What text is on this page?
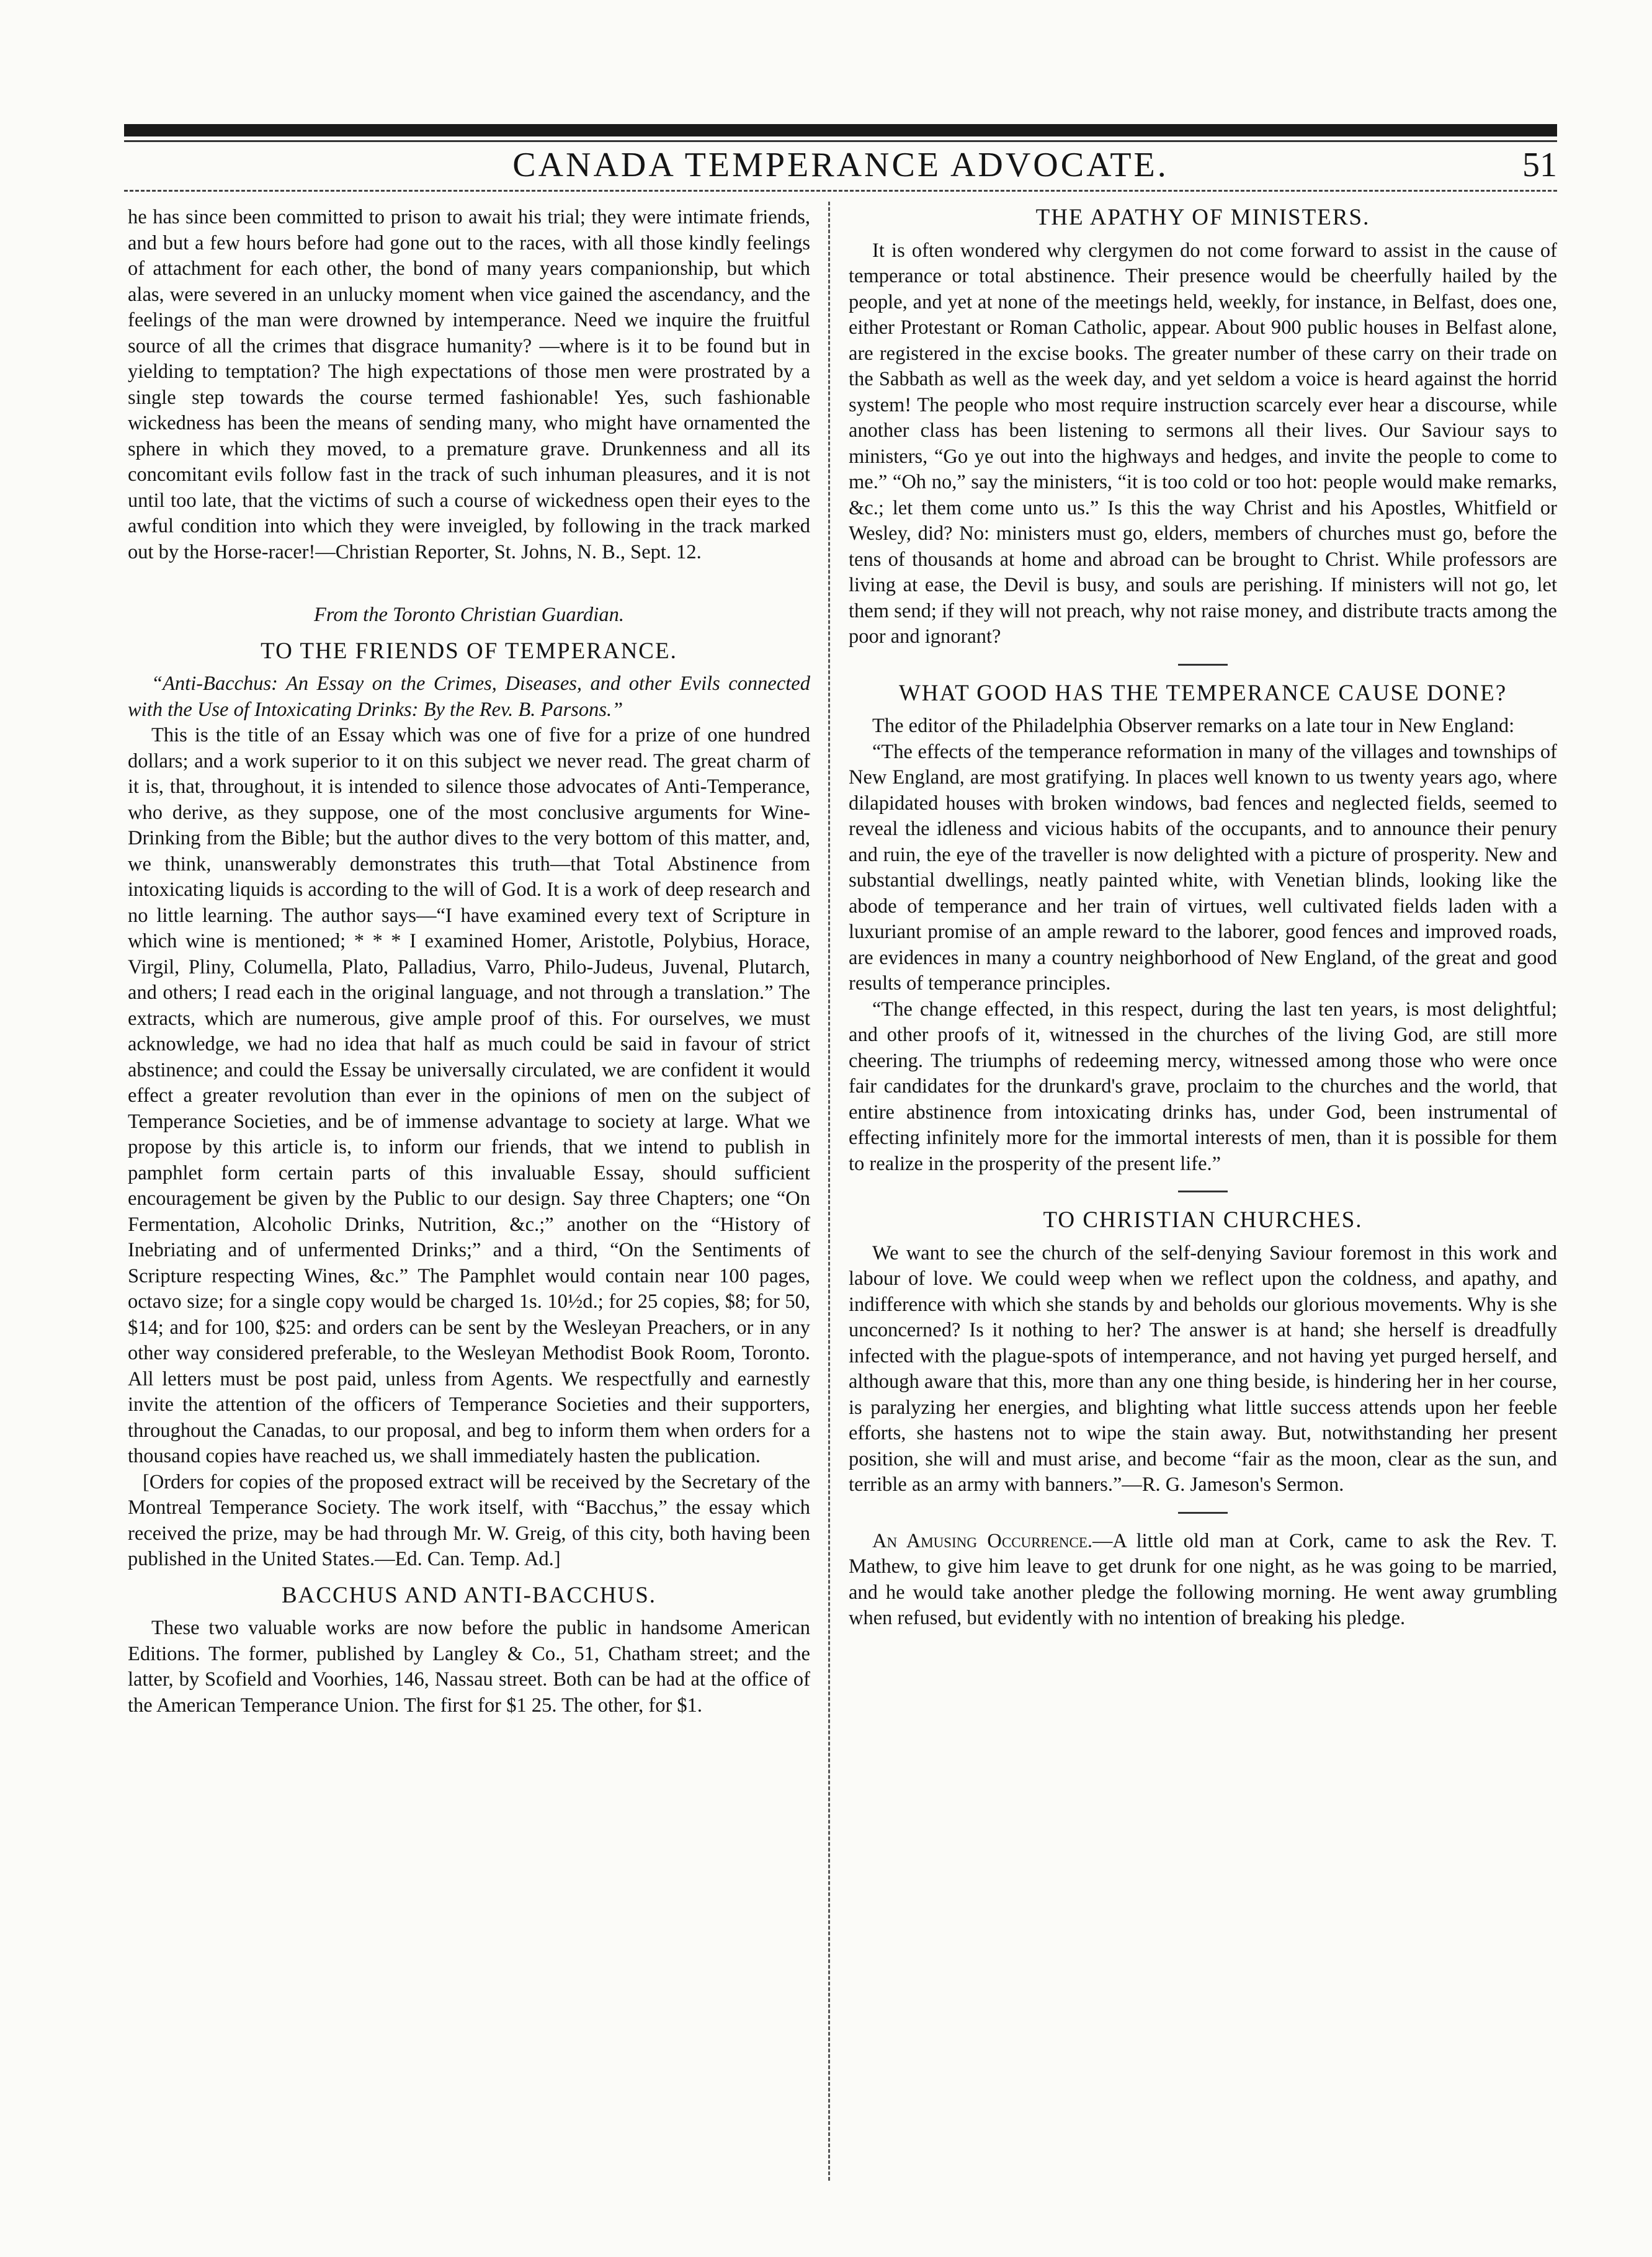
CANADA TEMPERANCE ADVOCATE.	51

he has since been committed to prison to await his trial; they were intimate friends, and but a few hours before had gone out to the races, with all those kindly feelings of attachment for each other, the bond of many years companionship, but which alas, were severed in an unlucky moment when vice gained the ascendancy, and the feelings of the man were drowned by intemperance. Need we inquire the fruitful source of all the crimes that disgrace humanity? —where is it to be found but in yielding to temptation? The high expectations of those men were prostrated by a single step towards the course termed fashionable! Yes, such fashionable wickedness has been the means of sending many, who might have ornamented the sphere in which they moved, to a premature grave. Drunkenness and all its concomitant evils follow fast in the track of such inhuman pleasures, and it is not until too late, that the victims of such a course of wickedness open their eyes to the awful condition into which they were inveigled, by following in the track marked out by the Horse-racer!—Christian Reporter, St. Johns, N. B., Sept. 12.

From the Toronto Christian Guardian.

TO THE FRIENDS OF TEMPERANCE.

“Anti-Bacchus: An Essay on the Crimes, Diseases, and other Evils connected with the Use of Intoxicating Drinks: By the Rev. B. Parsons.”

This is the title of an Essay which was one of five for a prize of one hundred dollars; and a work superior to it on this subject we never read. The great charm of it is, that, throughout, it is intended to silence those advocates of Anti-Temperance, who derive, as they suppose, one of the most conclusive arguments for Wine-Drinking from the Bible; but the author dives to the very bottom of this matter, and, we think, unanswerably demonstrates this truth—that Total Abstinence from intoxicating liquids is according to the will of God. It is a work of deep research and no little learning. The author says—“I have examined every text of Scripture in which wine is mentioned; * * * I examined Homer, Aristotle, Polybius, Horace, Virgil, Pliny, Columella, Plato, Palladius, Varro, Philo-Judeus, Juvenal, Plutarch, and others; I read each in the original language, and not through a translation.” The extracts, which are numerous, give ample proof of this. For ourselves, we must acknowledge, we had no idea that half as much could be said in favour of strict abstinence; and could the Essay be universally circulated, we are confident it would effect a greater revolution than ever in the opinions of men on the subject of Temperance Societies, and be of immense advantage to society at large. What we propose by this article is, to inform our friends, that we intend to publish in pamphlet form certain parts of this invaluable Essay, should sufficient encouragement be given by the Public to our design. Say three Chapters; one “On Fermentation, Alcoholic Drinks, Nutrition, &c.;” another on the “History of Inebriating and of unfermented Drinks;” and a third, “On the Sentiments of Scripture respecting Wines, &c.” The Pamphlet would contain near 100 pages, octavo size; for a single copy would be charged 1s. 10½d.; for 25 copies, $8; for 50, $14; and for 100, $25: and orders can be sent by the Wesleyan Preachers, or in any other way considered preferable, to the Wesleyan Methodist Book Room, Toronto. All letters must be post paid, unless from Agents. We respectfully and earnestly invite the attention of the officers of Temperance Societies and their supporters, throughout the Canadas, to our proposal, and beg to inform them when orders for a thousand copies have reached us, we shall immediately hasten the publication.

[Orders for copies of the proposed extract will be received by the Secretary of the Montreal Temperance Society. The work itself, with “Bacchus,” the essay which received the prize, may be had through Mr. W. Greig, of this city, both having been published in the United States.—Ed. Can. Temp. Ad.]

BACCHUS AND ANTI-BACCHUS.

These two valuable works are now before the public in handsome American Editions. The former, published by Langley & Co., 51, Chatham street; and the latter, by Scofield and Voorhies, 146, Nassau street. Both can be had at the office of the American Temperance Union. The first for $1 25. The other, for $1.

THE APATHY OF MINISTERS.

It is often wondered why clergymen do not come forward to assist in the cause of temperance or total abstinence. Their presence would be cheerfully hailed by the people, and yet at none of the meetings held, weekly, for instance, in Belfast, does one, either Protestant or Roman Catholic, appear. About 900 public houses in Belfast alone, are registered in the excise books. The greater number of these carry on their trade on the Sabbath as well as the week day, and yet seldom a voice is heard against the horrid system! The people who most require instruction scarcely ever hear a discourse, while another class has been listening to sermons all their lives. Our Saviour says to ministers, “Go ye out into the highways and hedges, and invite the people to come to me.” “Oh no,” say the ministers, “it is too cold or too hot: people would make remarks, &c.; let them come unto us.” Is this the way Christ and his Apostles, Whitfield or Wesley, did? No: ministers must go, elders, members of churches must go, before the tens of thousands at home and abroad can be brought to Christ. While professors are living at ease, the Devil is busy, and souls are perishing. If ministers will not go, let them send; if they will not preach, why not raise money, and distribute tracts among the poor and ignorant?

WHAT GOOD HAS THE TEMPERANCE CAUSE DONE?

The editor of the Philadelphia Observer remarks on a late tour in New England:

“The effects of the temperance reformation in many of the villages and townships of New England, are most gratifying. In places well known to us twenty years ago, where dilapidated houses with broken windows, bad fences and neglected fields, seemed to reveal the idleness and vicious habits of the occupants, and to announce their penury and ruin, the eye of the traveller is now delighted with a picture of prosperity. New and substantial dwellings, neatly painted white, with Venetian blinds, looking like the abode of temperance and her train of virtues, well cultivated fields laden with a luxuriant promise of an ample reward to the laborer, good fences and improved roads, are evidences in many a country neighborhood of New England, of the great and good results of temperance principles.

“The change effected, in this respect, during the last ten years, is most delightful; and other proofs of it, witnessed in the churches of the living God, are still more cheering. The triumphs of redeeming mercy, witnessed among those who were once fair candidates for the drunkard's grave, proclaim to the churches and the world, that entire abstinence from intoxicating drinks has, under God, been instrumental of effecting infinitely more for the immortal interests of men, than it is possible for them to realize in the prosperity of the present life.”

TO CHRISTIAN CHURCHES.

We want to see the church of the self-denying Saviour foremost in this work and labour of love. We could weep when we reflect upon the coldness, and apathy, and indifference with which she stands by and beholds our glorious movements. Why is she unconcerned? Is it nothing to her? The answer is at hand; she herself is dreadfully infected with the plague-spots of intemperance, and not having yet purged herself, and although aware that this, more than any one thing beside, is hindering her in her course, is paralyzing her energies, and blighting what little success attends upon her feeble efforts, she hastens not to wipe the stain away. But, notwithstanding her present position, she will and must arise, and become “fair as the moon, clear as the sun, and terrible as an army with banners.”—R. G. Jameson's Sermon.

An Amusing Occurrence.—A little old man at Cork, came to ask the Rev. T. Mathew, to give him leave to get drunk for one night, as he was going to be married, and he would take another pledge the following morning. He went away grumbling when refused, but evidently with no intention of breaking his pledge.
